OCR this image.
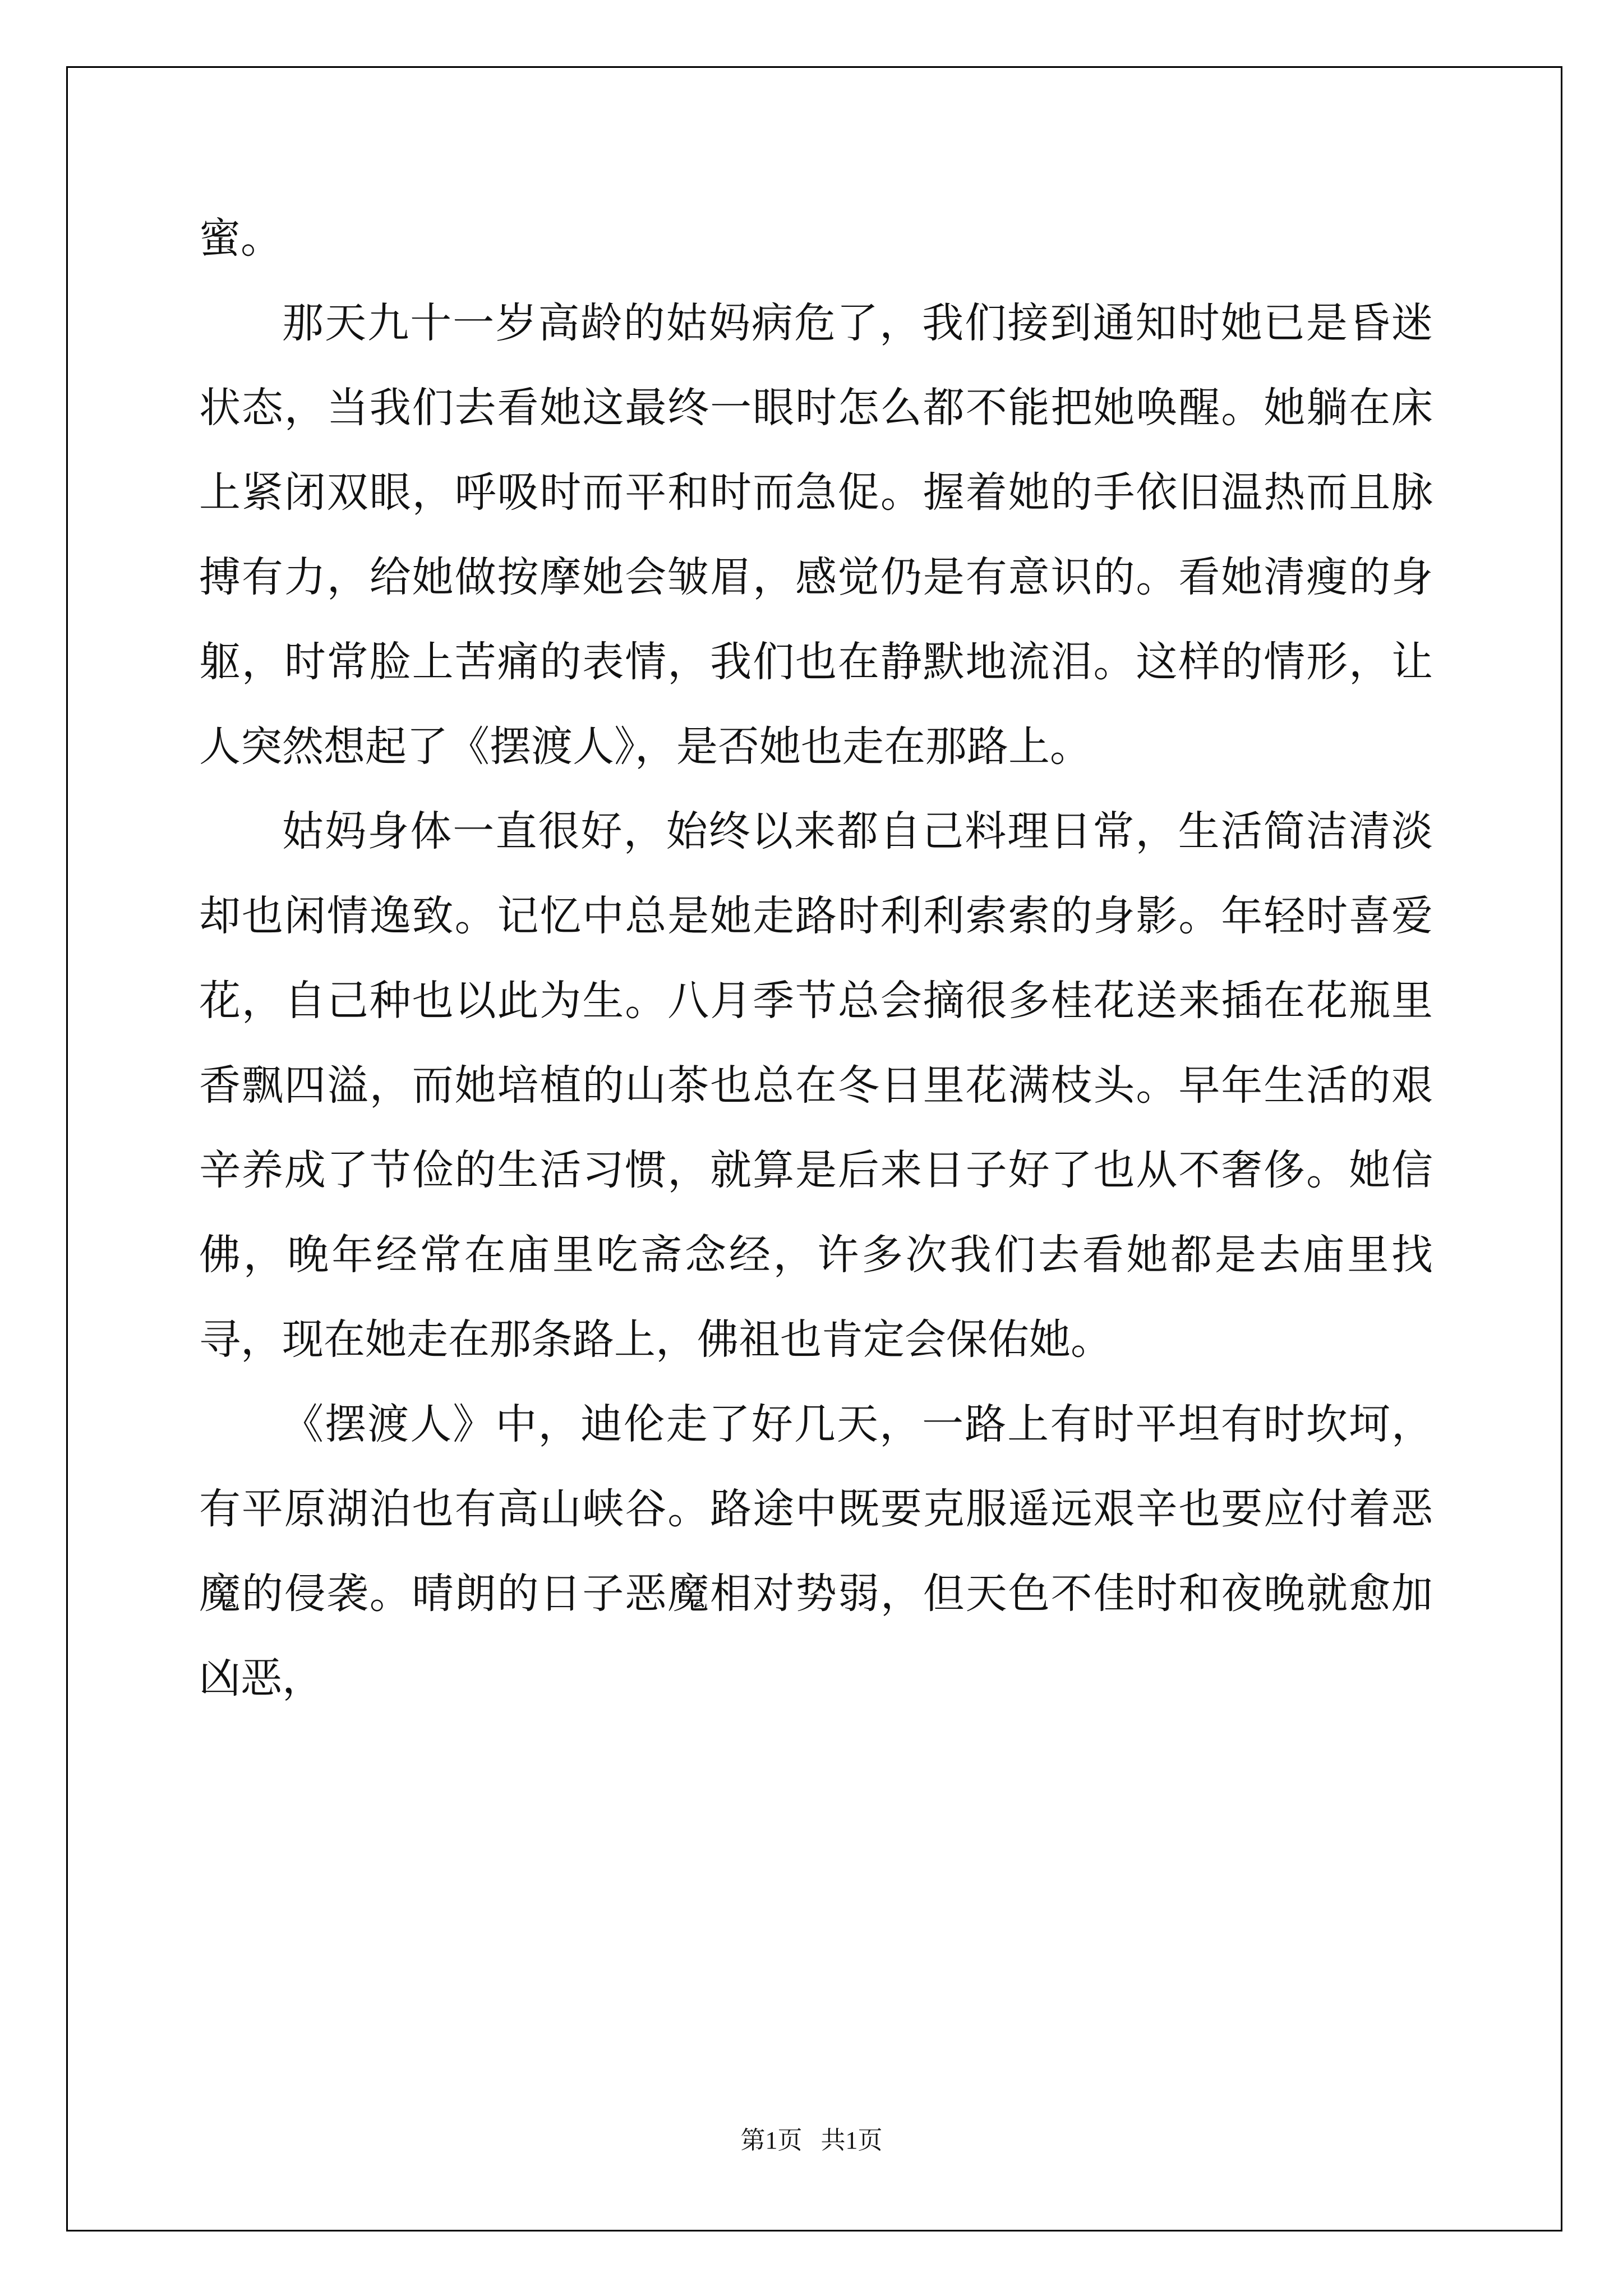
蜜。

那天九十一岁高龄的姑妈病危了，我们接到通知时她已是昏迷状态，当我们去看她这最终一眼时怎么都不能把她唤醒。她躺在床上紧闭双眼，呼吸时而平和时而急促。握着她的手依旧温热而且脉搏有力，给她做按摩她会皱眉，感觉仍是有意识的。看她清瘦的身躯，时常脸上苦痛的表情，我们也在静默地流泪。这样的情形，让人突然想起了《摆渡人》，是否她也走在那路上。

姑妈身体一直很好，始终以来都自己料理日常，生活简洁清淡却也闲情逸致。记忆中总是她走路时利利索索的身影。年轻时喜爱花，自己种也以此为生。八月季节总会摘很多桂花送来插在花瓶里香飘四溢，而她培植的山茶也总在冬日里花满枝头。早年生活的艰辛养成了节俭的生活习惯，就算是后来日子好了也从不奢侈。她信佛，晚年经常在庙里吃斋念经，许多次我们去看她都是去庙里找寻，现在她走在那条路上，佛祖也肯定会保佑她。

《摆渡人》中，迪伦走了好几天，一路上有时平坦有时坎坷，有平原湖泊也有高山峡谷。路途中既要克服遥远艰辛也要应付着恶魔的侵袭。晴朗的日子恶魔相对势弱，但天色不佳时和夜晚就愈加凶恶，

第1页 共1页
